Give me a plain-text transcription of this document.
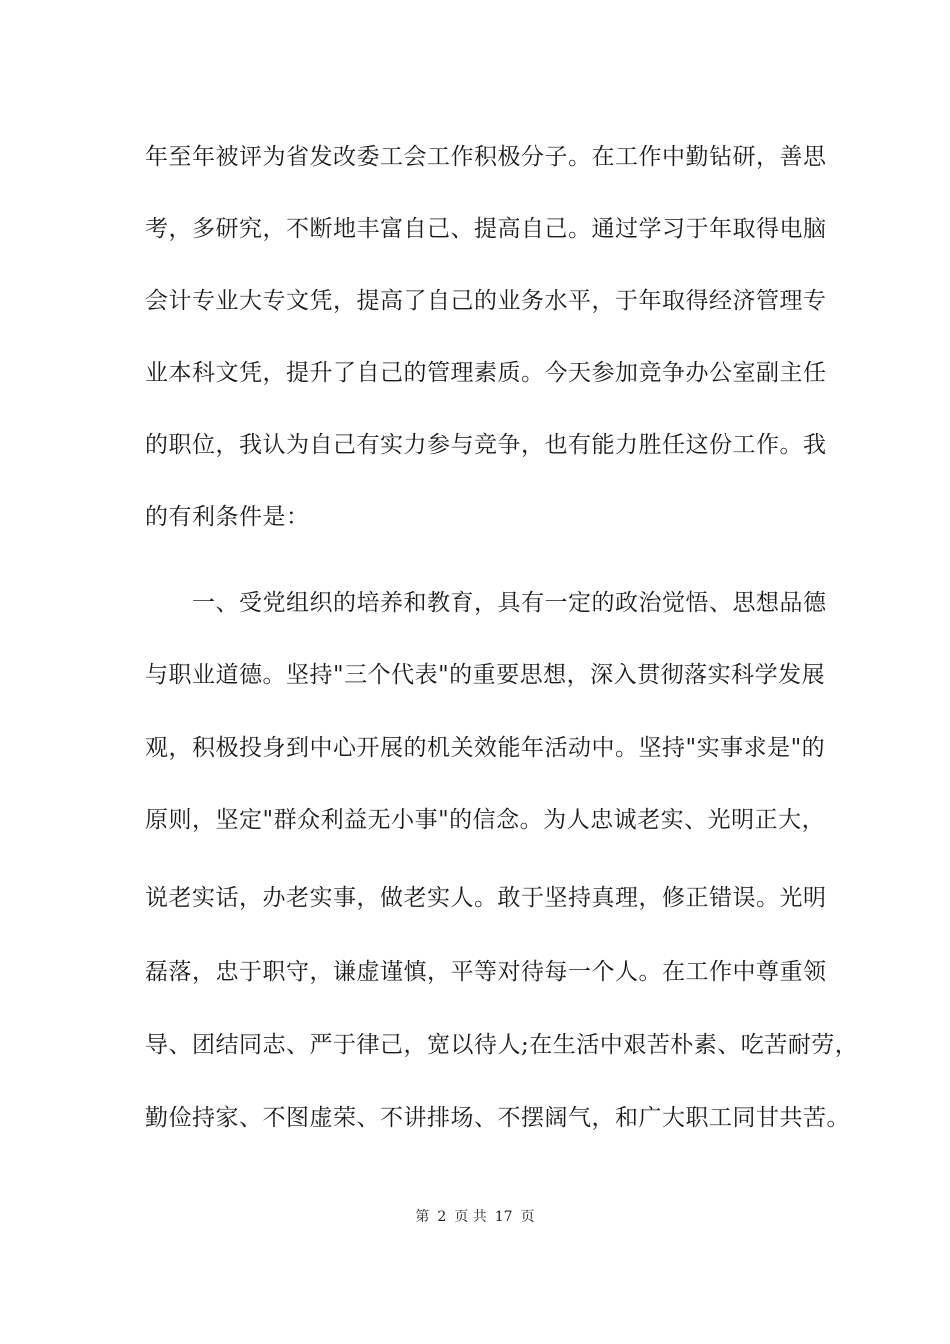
年至年被评为省发改委工会工作积极分子。在工作中勤钻研，善思
考，多研究，不断地丰富自己、提高自己。通过学习于年取得电脑
会计专业大专文凭，提高了自己的业务水平，于年取得经济管理专
业本科文凭，提升了自己的管理素质。今天参加竞争办公室副主任
的职位，我认为自己有实力参与竞争，也有能力胜任这份工作。我
的有利条件是：
　　一、受党组织的培养和教育，具有一定的政治觉悟、思想品德
与职业道德。坚持"三个代表"的重要思想，深入贯彻落实科学发展
观，积极投身到中心开展的机关效能年活动中。坚持"实事求是"的
原则，坚定"群众利益无小事"的信念。为人忠诚老实、光明正大，
说老实话，办老实事，做老实人。敢于坚持真理，修正错误。光明
磊落，忠于职守，谦虚谨慎，平等对待每一个人。在工作中尊重领
导、团结同志、严于律己，宽以待人;在生活中艰苦朴素、吃苦耐劳，
勤俭持家、不图虚荣、不讲排场、不摆阔气，和广大职工同甘共苦。
第 2 页 共 17 页
